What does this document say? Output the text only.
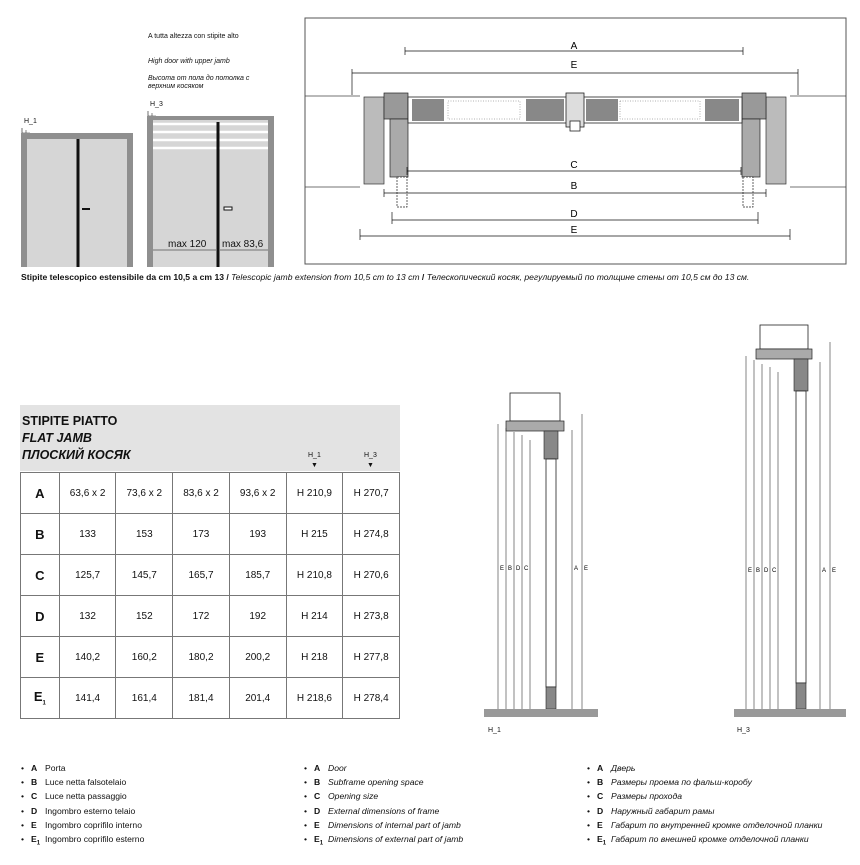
A tutta altezza con stipite alto
High door with upper jamb
Высота от пола до потолка с верхним косяком
H_1
H_3
max 120 max 83,6
A
E
C
B
D
E
Stipite telescopico estensibile da cm 10,5 a cm 13 / Telescopic jamb extension from 10,5 cm to 13 cm / Телескопический косяк, регулируемый по толщине стены от 10,5 см до 13 см.
STIPITE PIATTO
FLAT JAMB
ПЛОСКИЙ КОСЯК	H_1
▼
H_3
▼
A	63,6 x 2	73,6 x 2	83,6 x 2	93,6 x 2	H 210,9	H 270,7
B	133	153	173	193	H 215	H 274,8
C	125,7	145,7	165,7	185,7	H 210,8	H 270,6
D	132	152	172	192	H 214	H 273,8
E	140,2	160,2	180,2	200,2	H 218	H 277,8
$E_1$	141,4	161,4	181,4	201,4	H 218,6	H 278,4
E B D C	A E
H_1
E B D C	A E
H_3
• A Porta
• B Luce netta falsotelaio
• C Luce netta passaggio
• D Ingombro esterno telaio
• E Ingombro coprifilo interno
• $E_1$ Ingombro coprifilo esterno
• A Door
• B Subframe opening space
• C Opening size
• D External dimensions of frame
• E Dimensions of internal part of jamb
• $E_1$ Dimensions of external part of jamb
• A Дверь
• B Размеры проема по фальш-коробу
• C Размеры прохода
• D Наружный габарит рамы
• E Габарит по внутренней кромке отделочной планки
• $E_1$ Габарит по внешней кромке отделочной планки
